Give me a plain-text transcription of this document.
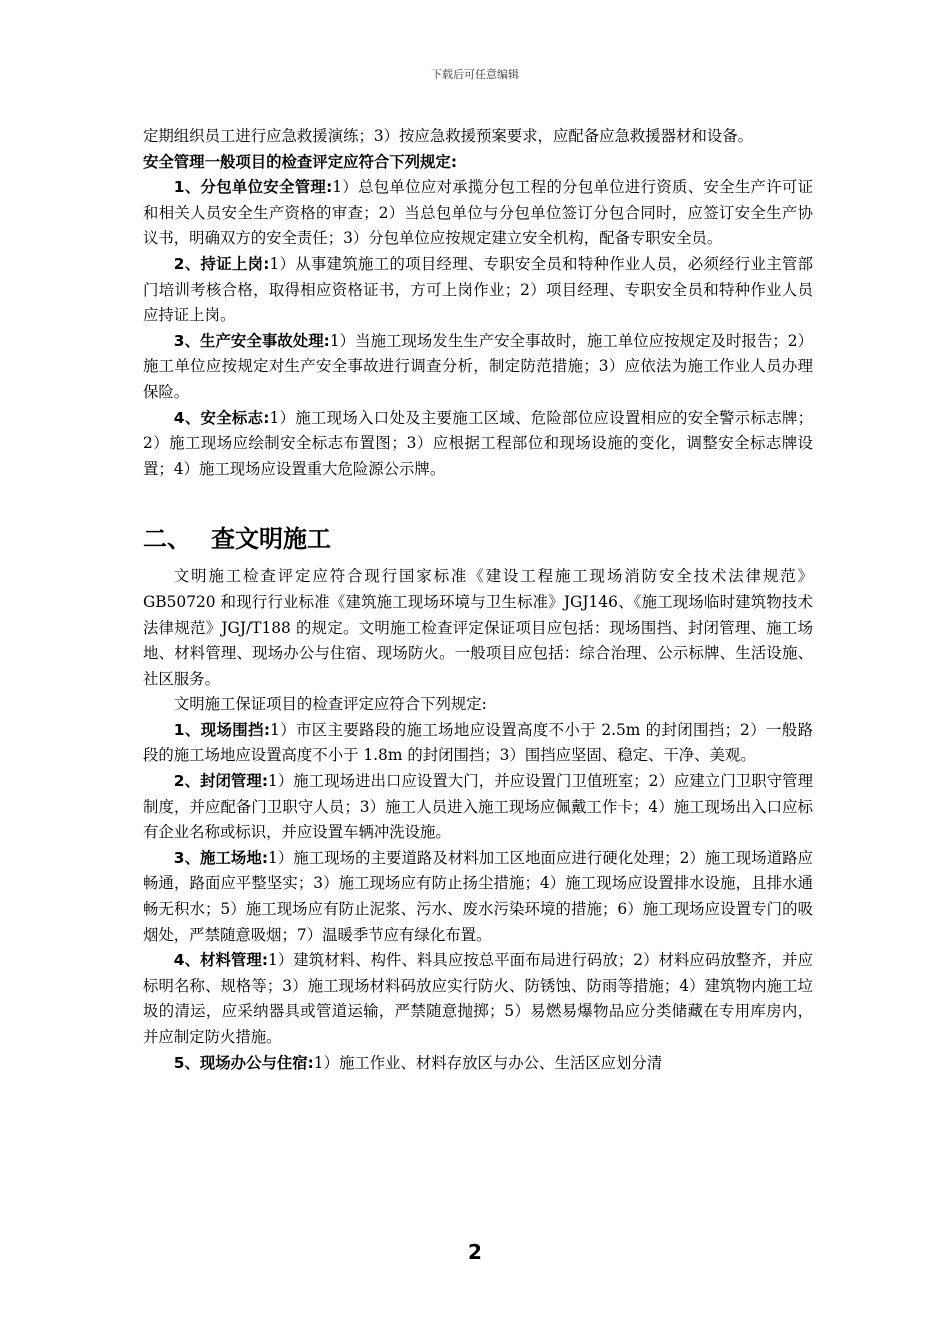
下载后可任意编辑

定期组织员工进行应急救援演练；3）按应急救援预案要求，应配备应急救援器材和设备。

安全管理一般项目的检查评定应符合下列规定:

1、分包单位安全管理:1）总包单位应对承揽分包工程的分包单位进行资质、安全生产许可证和相关人员安全生产资格的审查；2）当总包单位与分包单位签订分包合同时，应签订安全生产协议书，明确双方的安全责任；3）分包单位应按规定建立安全机构，配备专职安全员。

2、持证上岗:1）从事建筑施工的项目经理、专职安全员和特种作业人员，必须经行业主管部门培训考核合格，取得相应资格证书，方可上岗作业；2）项目经理、专职安全员和特种作业人员应持证上岗。

3、生产安全事故处理:1）当施工现场发生生产安全事故时，施工单位应按规定及时报告；2）施工单位应按规定对生产安全事故进行调查分析，制定防范措施；3）应依法为施工作业人员办理保险。

4、安全标志:1）施工现场入口处及主要施工区域、危险部位应设置相应的安全警示标志牌；2）施工现场应绘制安全标志布置图；3）应根据工程部位和现场设施的变化，调整安全标志牌设置；4）施工现场应设置重大危险源公示牌。

二、 查文明施工

文明施工检查评定应符合现行国家标准《建设工程施工现场消防安全技术法律规范》GB50720 和现行行业标准《建筑施工现场环境与卫生标准》JGJ146、《施工现场临时建筑物技术法律规范》JGJ/T188 的规定。文明施工检查评定保证项目应包括：现场围挡、封闭管理、施工场地、材料管理、现场办公与住宿、现场防火。一般项目应包括：综合治理、公示标牌、生活设施、社区服务。

文明施工保证项目的检查评定应符合下列规定:

1、现场围挡:1）市区主要路段的施工场地应设置高度不小于 2.5m 的封闭围挡；2）一般路段的施工场地应设置高度不小于 1.8m 的封闭围挡；3）围挡应坚固、稳定、干净、美观。

2、封闭管理:1）施工现场进出口应设置大门，并应设置门卫值班室；2）应建立门卫职守管理制度，并应配备门卫职守人员；3）施工人员进入施工现场应佩戴工作卡；4）施工现场出入口应标有企业名称或标识，并应设置车辆冲洗设施。

3、施工场地:1）施工现场的主要道路及材料加工区地面应进行硬化处理；2）施工现场道路应畅通，路面应平整坚实；3）施工现场应有防止扬尘措施；4）施工现场应设置排水设施，且排水通畅无积水；5）施工现场应有防止泥浆、污水、废水污染环境的措施；6）施工现场应设置专门的吸烟处，严禁随意吸烟；7）温暖季节应有绿化布置。

4、材料管理:1）建筑材料、构件、料具应按总平面布局进行码放；2）材料应码放整齐，并应标明名称、规格等；3）施工现场材料码放应实行防火、防锈蚀、防雨等措施；4）建筑物内施工垃圾的清运，应采纳器具或管道运输，严禁随意抛掷；5）易燃易爆物品应分类储藏在专用库房内，并应制定防火措施。

5、现场办公与住宿:1）施工作业、材料存放区与办公、生活区应划分清

2
